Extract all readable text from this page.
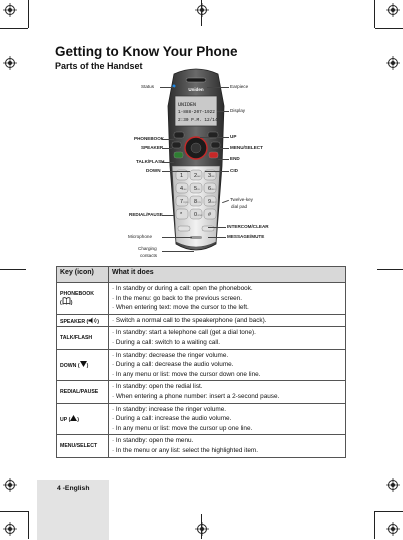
Getting to Know Your Phone
Parts of the Handset
Uniden
UNIDEN
1-888-207-1922
2:30 P.M. 12/14
1 2 ABC 3 DEF
4 GHI 5 JKL 6 MNO
7 PQRS 8 TUV 9 WXYZ
* 0 OPER #
Status	Earpiece
Display
PHONEBOOK	UP
SPEAKER	MENU/SELECT
TALK/FLASH
END
DOWN	CID
Twelve-key
dial pad
REDIAL/PAUSE
INTERCOM/CLEAR
Microphone	MESSAGE/MUTE
Charging
contacts
Key (icon)	What it does
PHONEBOOK
( )	· In standby or during a call: open the phonebook.
· In the menu: go back to the previous screen.
· When entering text: move the cursor to the left.

SPEAKER ( )	· Switch a normal call to the speakerphone (and back).

TALK/FLASH	· In standby: start a telephone call (get a dial tone).
· During a call: switch to a waiting call.

DOWN ( )	· In standby: decrease the ringer volume.
· During a call: decrease the audio volume.
· In any menu or list: move the cursor down one line.

REDIAL/PAUSE	· In standby: open the redial list.
· When entering a phone number: insert a 2-second pause.

UP ( )	· In standby: increase the ringer volume.
· During a call: increase the audio volume.
· In any menu or list: move the cursor up one line.

MENU/SELECT	· In standby: open the menu.
· In the menu or any list: select the highlighted item.
4 -English
